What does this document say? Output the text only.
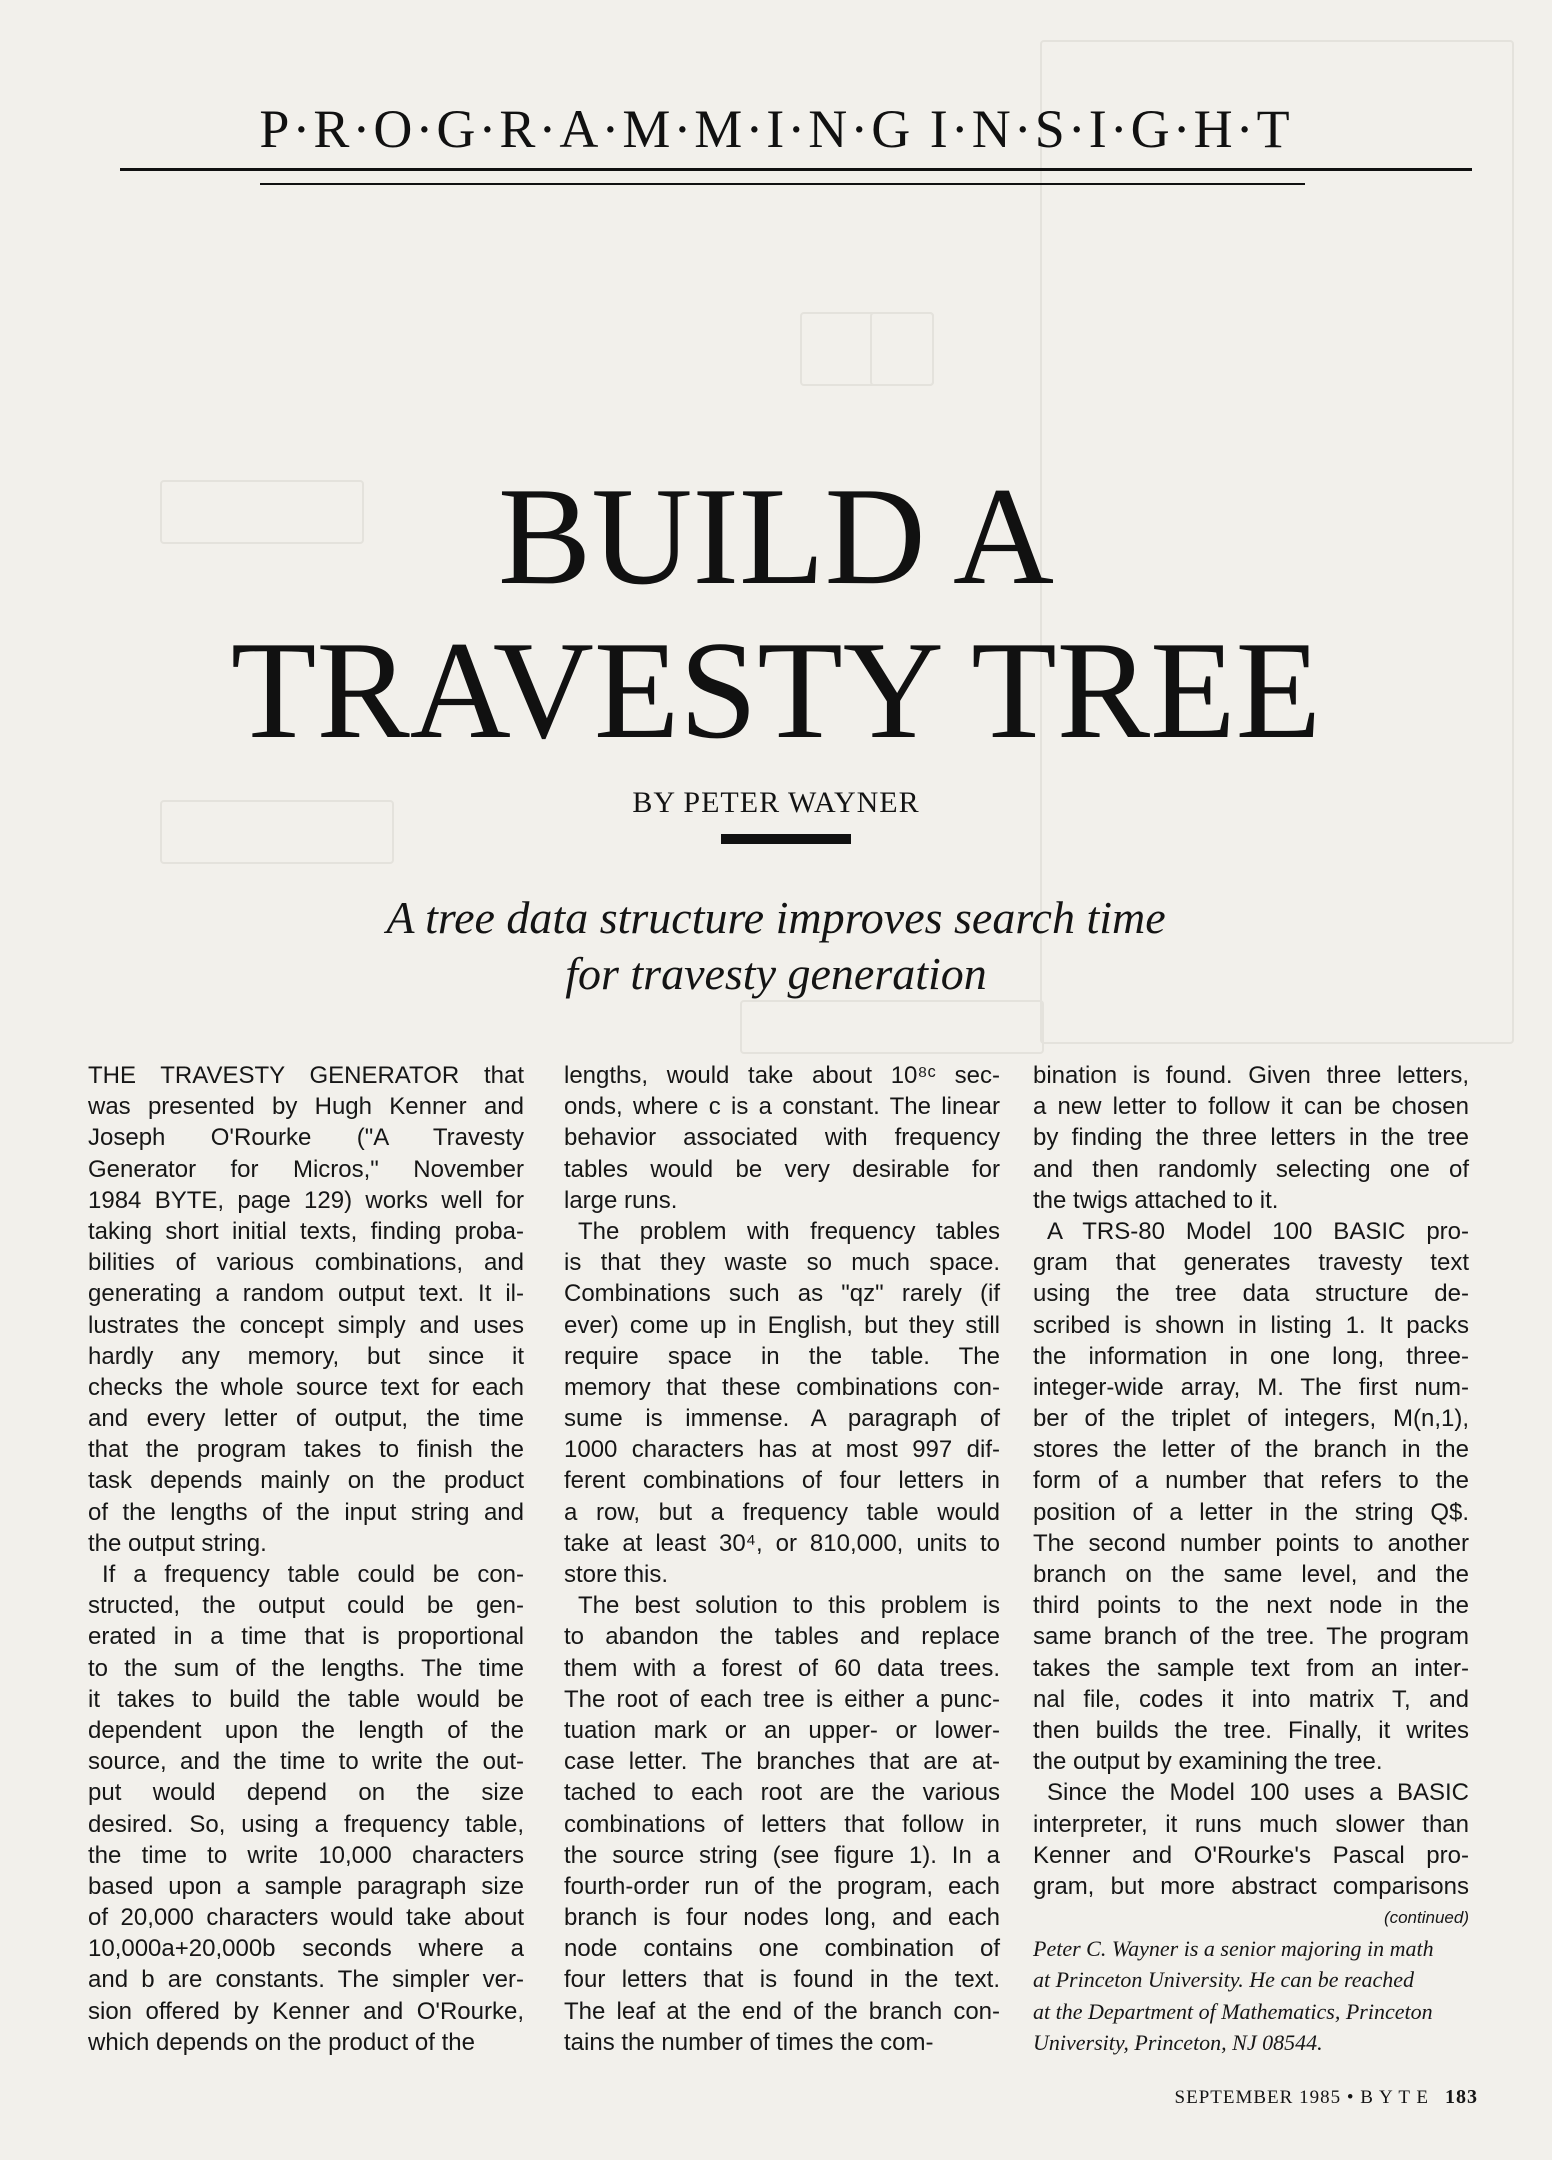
P·R·O·G·R·A·M·M·I·N·G I·N·S·I·G·H·T
BUILD A
TRAVESTY TREE
BY PETER WAYNER
A tree data structure improves search time
for travesty generation
THE TRAVESTY GENERATOR that
was presented by Hugh Kenner and
Joseph O'Rourke ("A Travesty
Generator for Micros," November
1984 BYTE, page 129) works well for
taking short initial texts, finding proba-
bilities of various combinations, and
generating a random output text. It il-
lustrates the concept simply and uses
hardly any memory, but since it
checks the whole source text for each
and every letter of output, the time
that the program takes to finish the
task depends mainly on the product
of the lengths of the input string and
the output string.
If a frequency table could be con-
structed, the output could be gen-
erated in a time that is proportional
to the sum of the lengths. The time
it takes to build the table would be
dependent upon the length of the
source, and the time to write the out-
put would depend on the size
desired. So, using a frequency table,
the time to write 10,000 characters
based upon a sample paragraph size
of 20,000 characters would take about
10,000a+20,000b seconds where a
and b are constants. The simpler ver-
sion offered by Kenner and O'Rourke,
which depends on the product of the
lengths, would take about 10⁸ᶜ sec-
onds, where c is a constant. The linear
behavior associated with frequency
tables would be very desirable for
large runs.
The problem with frequency tables
is that they waste so much space.
Combinations such as "qz" rarely (if
ever) come up in English, but they still
require space in the table. The
memory that these combinations con-
sume is immense. A paragraph of
1000 characters has at most 997 dif-
ferent combinations of four letters in
a row, but a frequency table would
take at least 30⁴, or 810,000, units to
store this.
The best solution to this problem is
to abandon the tables and replace
them with a forest of 60 data trees.
The root of each tree is either a punc-
tuation mark or an upper- or lower-
case letter. The branches that are at-
tached to each root are the various
combinations of letters that follow in
the source string (see figure 1). In a
fourth-order run of the program, each
branch is four nodes long, and each
node contains one combination of
four letters that is found in the text.
The leaf at the end of the branch con-
tains the number of times the com-
bination is found. Given three letters,
a new letter to follow it can be chosen
by finding the three letters in the tree
and then randomly selecting one of
the twigs attached to it.
A TRS-80 Model 100 BASIC pro-
gram that generates travesty text
using the tree data structure de-
scribed is shown in listing 1. It packs
the information in one long, three-
integer-wide array, M. The first num-
ber of the triplet of integers, M(n,1),
stores the letter of the branch in the
form of a number that refers to the
position of a letter in the string Q$.
The second number points to another
branch on the same level, and the
third points to the next node in the
same branch of the tree. The program
takes the sample text from an inter-
nal file, codes it into matrix T, and
then builds the tree. Finally, it writes
the output by examining the tree.
Since the Model 100 uses a BASIC
interpreter, it runs much slower than
Kenner and O'Rourke's Pascal pro-
gram, but more abstract comparisons
(continued)
Peter C. Wayner is a senior majoring in math
at Princeton University. He can be reached
at the Department of Mathematics, Princeton
University, Princeton, NJ 08544.
SEPTEMBER 1985 • B Y T E 183
